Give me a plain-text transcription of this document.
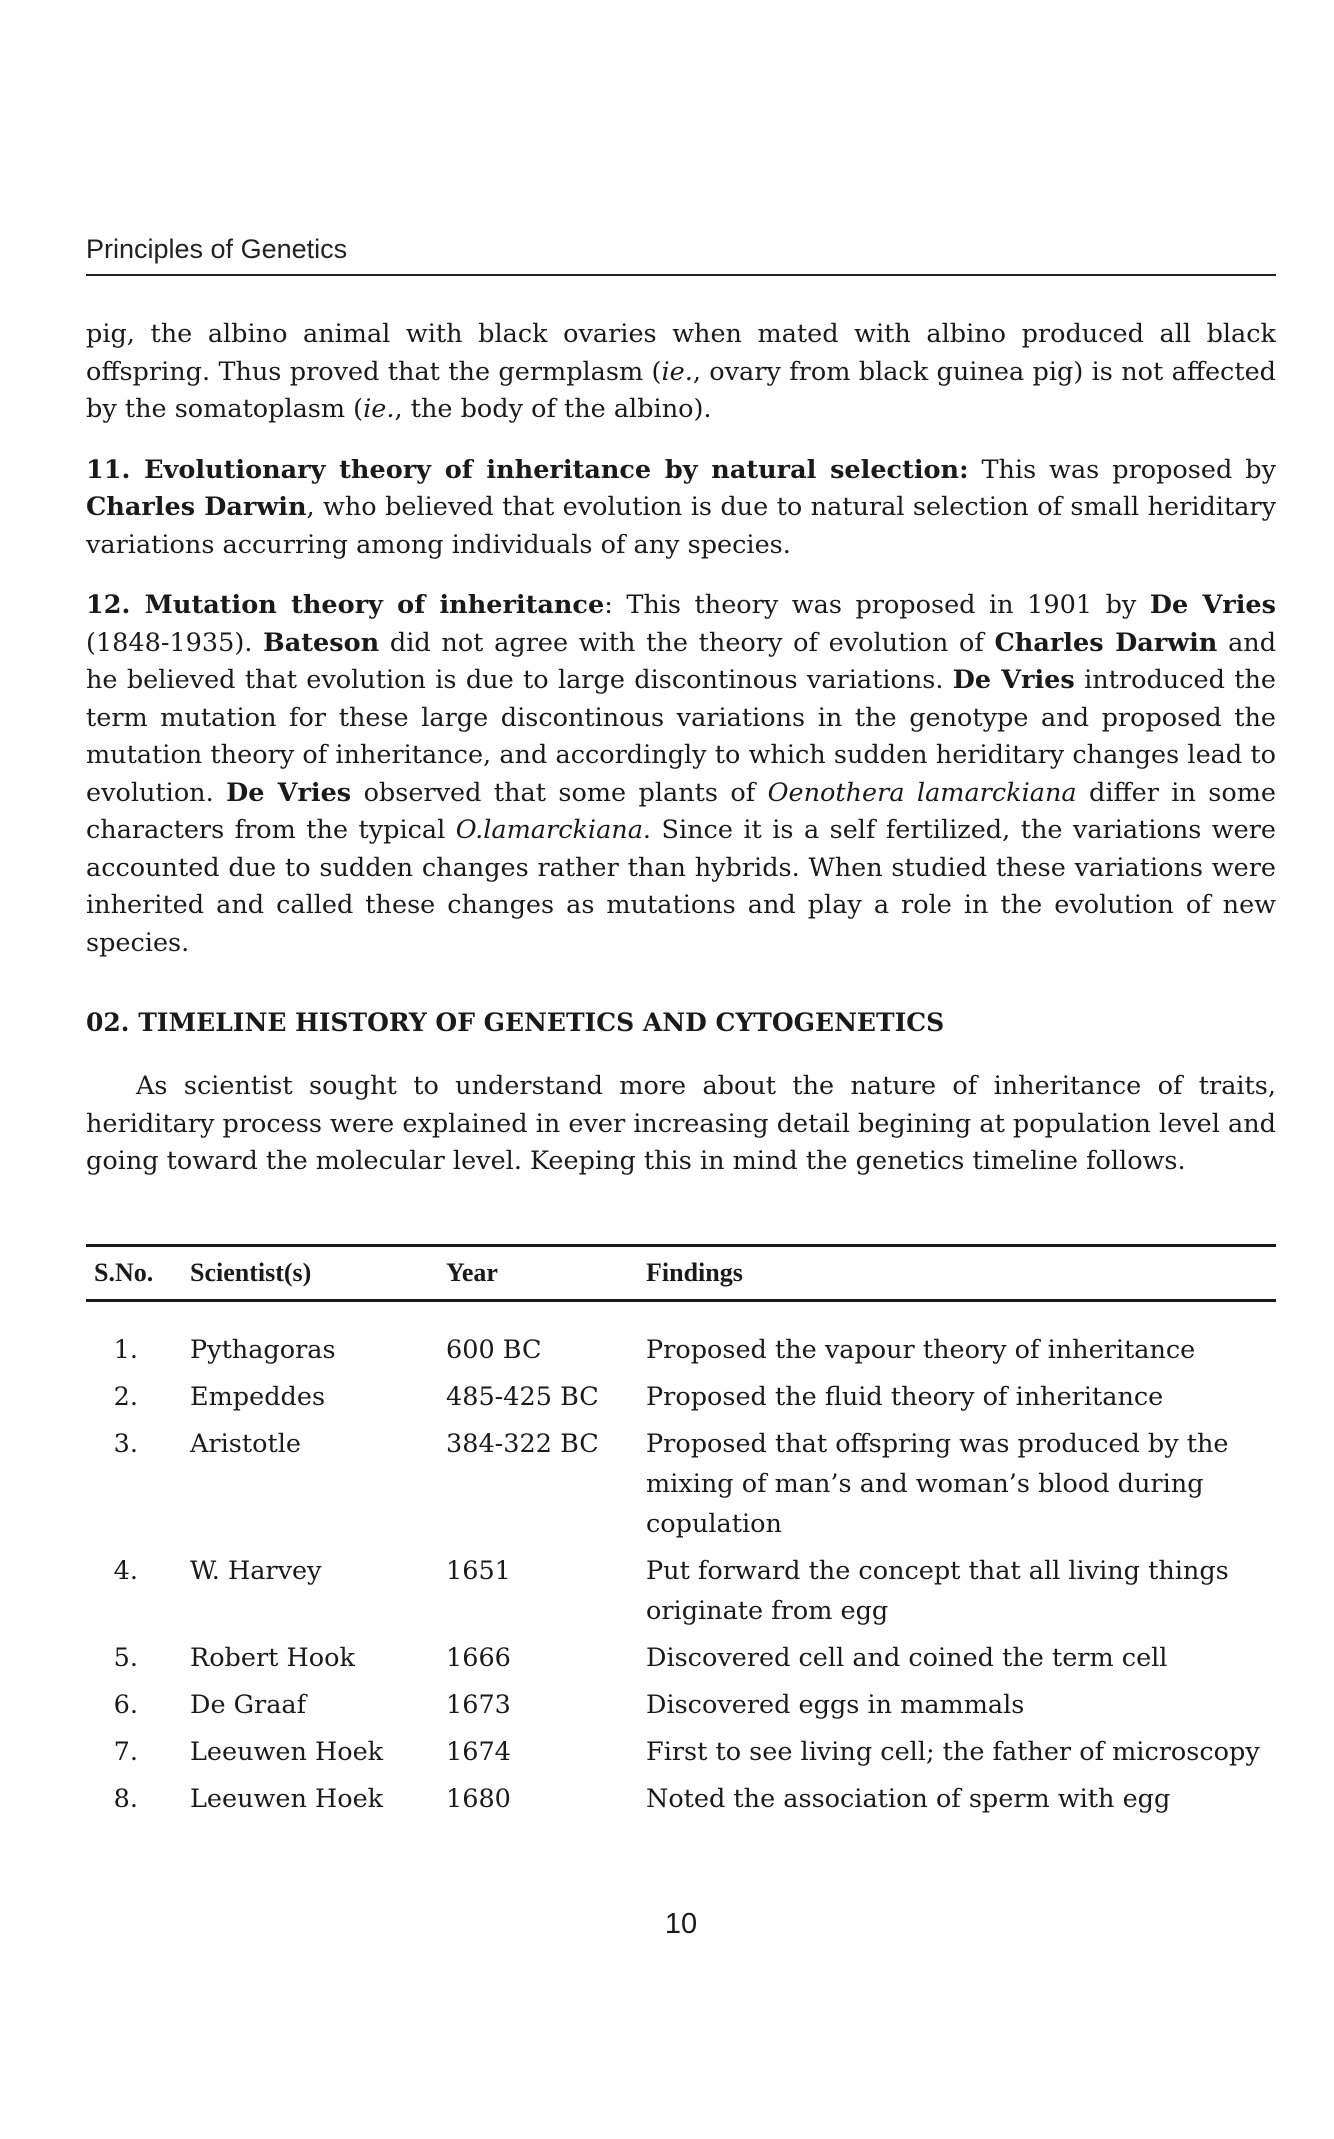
Principles of Genetics

pig, the albino animal with black ovaries when mated with albino produced all black offspring. Thus proved that the germplasm (ie., ovary from black guinea pig) is not affected by the somatoplasm (ie., the body of the albino).

11. Evolutionary theory of inheritance by natural selection: This was proposed by Charles Darwin, who believed that evolution is due to natural selection of small heriditary variations accurring among individuals of any species.

12. Mutation theory of inheritance: This theory was proposed in 1901 by De Vries (1848-1935). Bateson did not agree with the theory of evolution of Charles Darwin and he believed that evolution is due to large discontinous variations. De Vries introduced the term mutation for these large discontinous variations in the genotype and proposed the mutation theory of inheritance, and accordingly to which sudden heriditary changes lead to evolution. De Vries observed that some plants of Oenothera lamarckiana differ in some characters from the typical O.lamarckiana. Since it is a self fertilized, the variations were accounted due to sudden changes rather than hybrids. When studied these variations were inherited and called these changes as mutations and play a role in the evolution of new species.

02. TIMELINE HISTORY OF GENETICS AND CYTOGENETICS

As scientist sought to understand more about the nature of inheritance of traits, heriditary process were explained in ever increasing detail begining at population level and going toward the molecular level. Keeping this in mind the genetics timeline follows.

S.No.	Scientist(s)	Year	Findings
1.	Pythagoras	600 BC	Proposed the vapour theory of inheritance
2.	Empeddes	485-425 BC	Proposed the fluid theory of inheritance
3.	Aristotle	384-322 BC	Proposed that offspring was produced by the mixing of man’s and woman’s blood during copulation
4.	W. Harvey	1651	Put forward the concept that all living things originate from egg
5.	Robert Hook	1666	Discovered cell and coined the term cell
6.	De Graaf	1673	Discovered eggs in mammals
7.	Leeuwen Hoek	1674	First to see living cell; the father of microscopy
8.	Leeuwen Hoek	1680	Noted the association of sperm with egg
10
